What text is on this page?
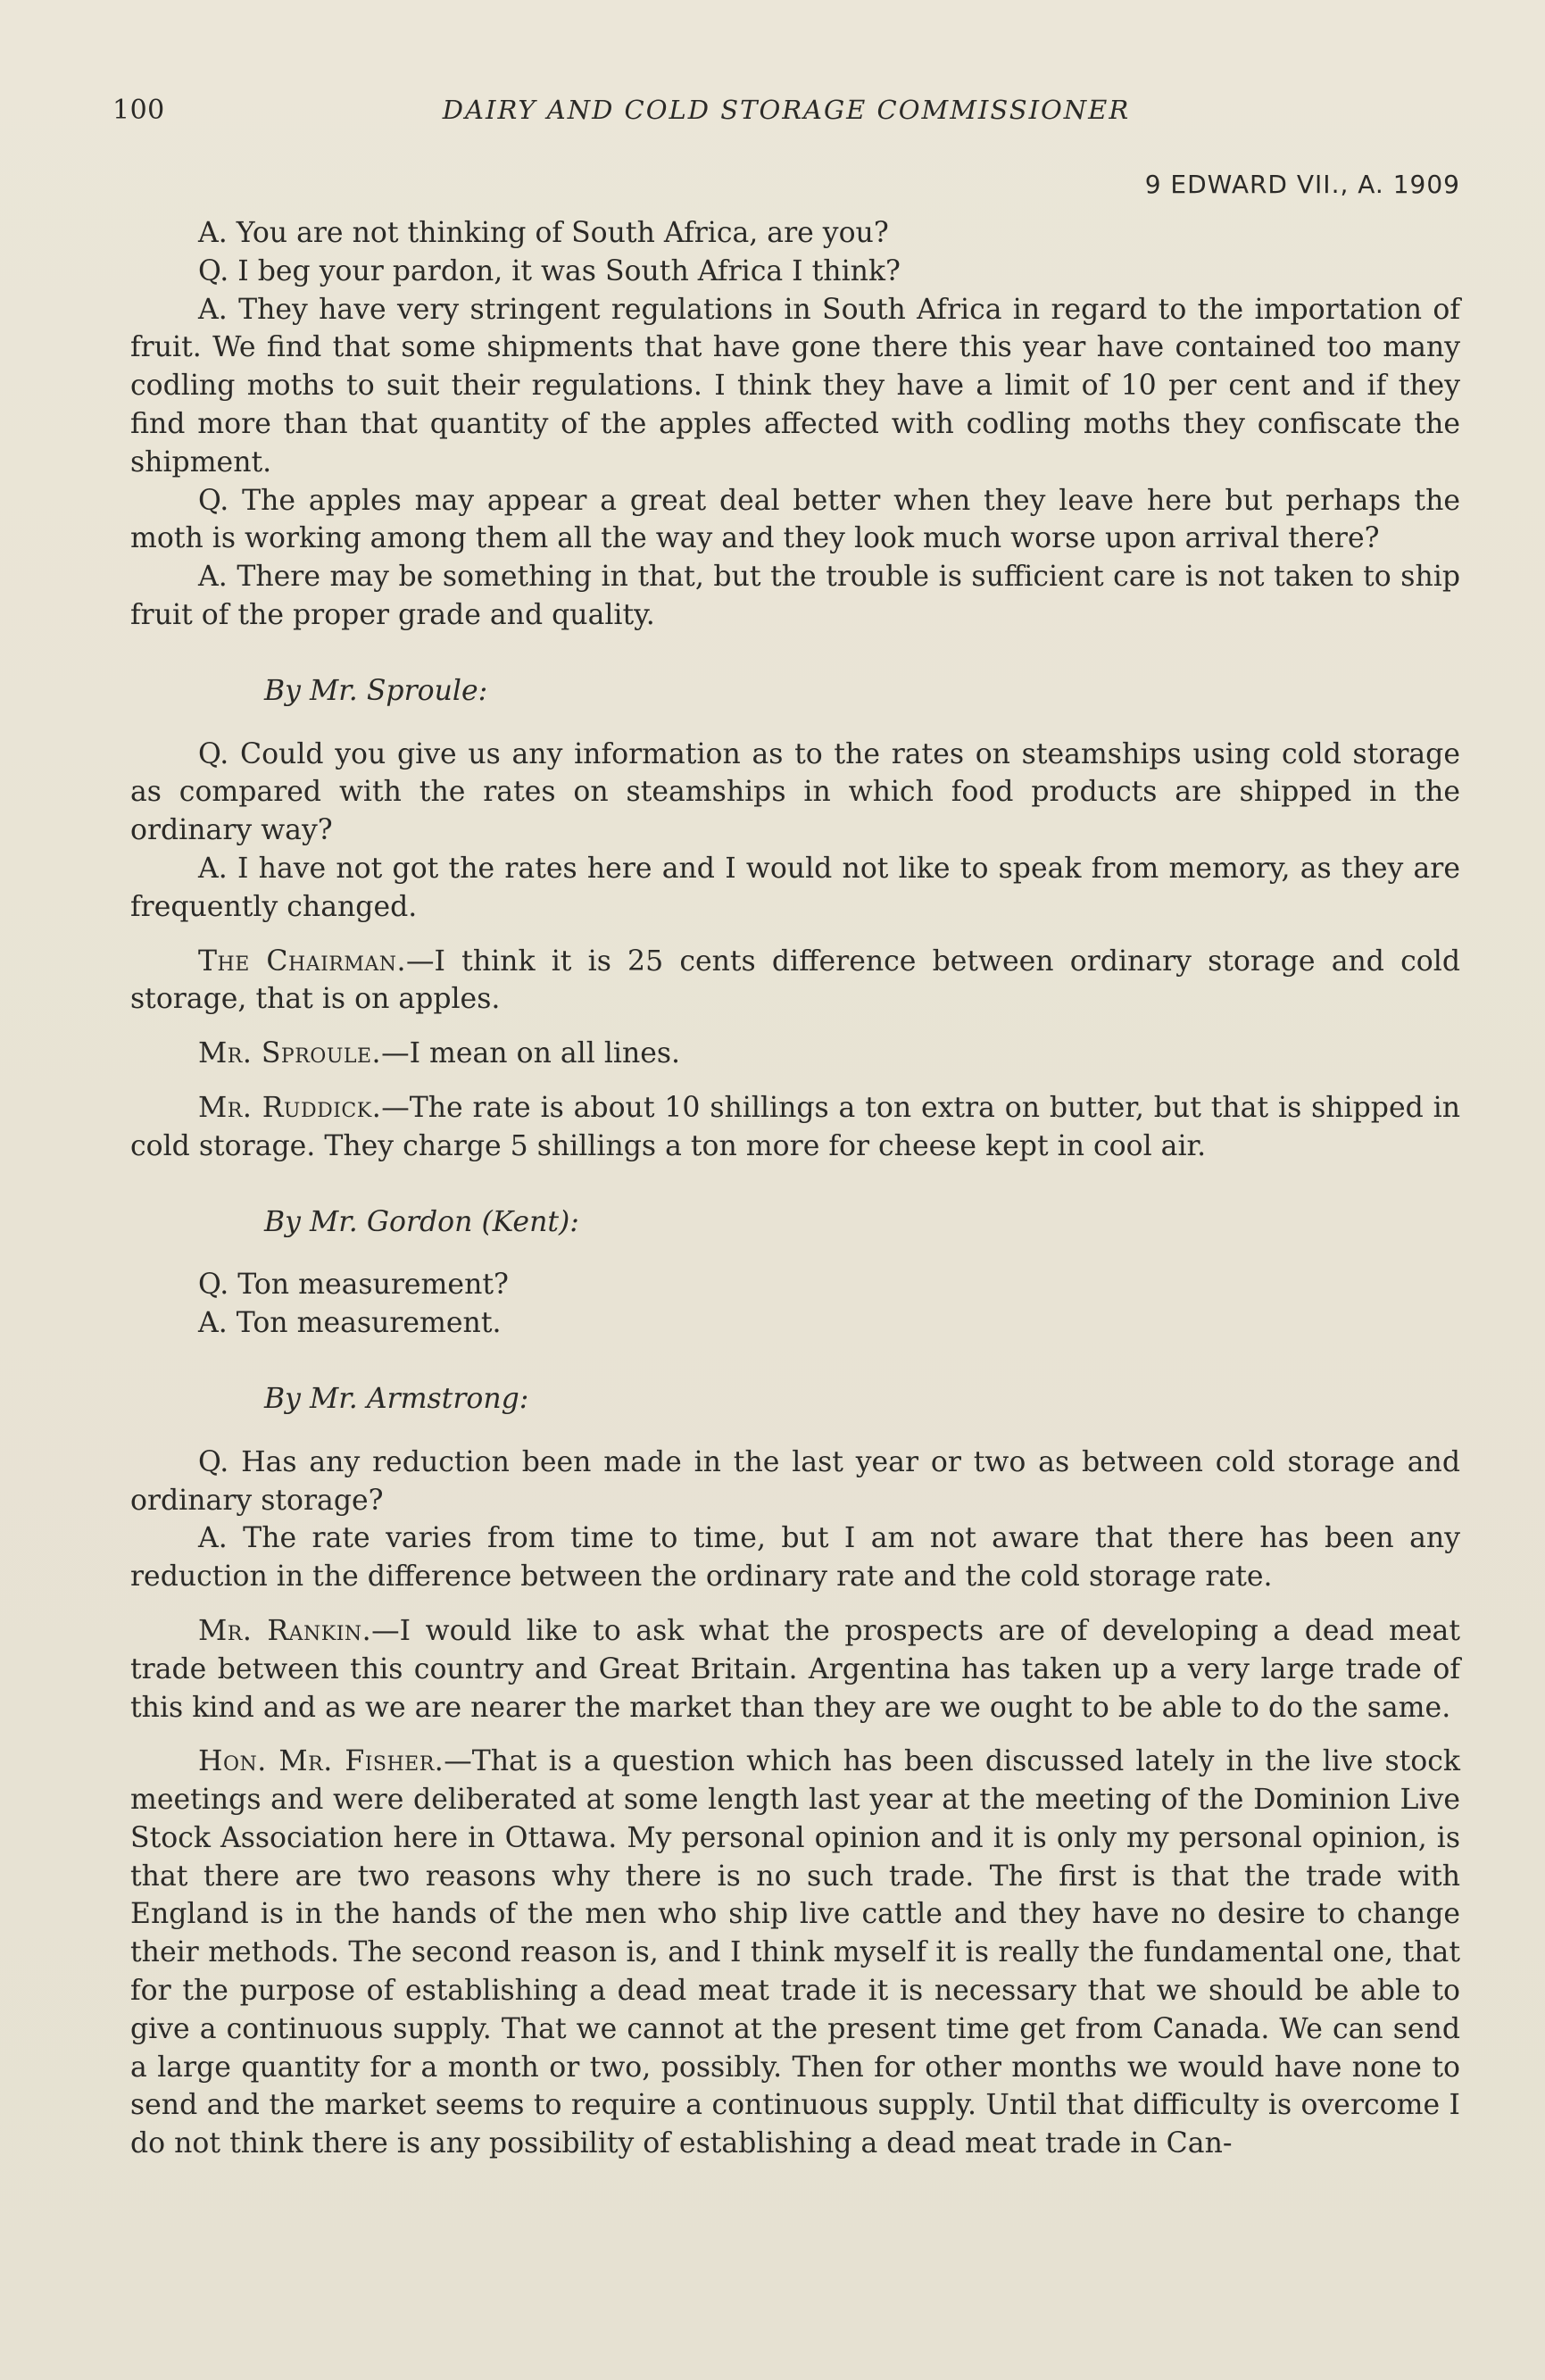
100	DAIRY AND COLD STORAGE COMMISSIONER
9 EDWARD VII., A. 1909

A. You are not thinking of South Africa, are you?

Q. I beg your pardon, it was South Africa I think?

A. They have very stringent regulations in South Africa in regard to the importation of fruit. We find that some shipments that have gone there this year have contained too many codling moths to suit their regulations. I think they have a limit of 10 per cent and if they find more than that quantity of the apples affected with codling moths they confiscate the shipment.

Q. The apples may appear a great deal better when they leave here but perhaps the moth is working among them all the way and they look much worse upon arrival there?

A. There may be something in that, but the trouble is sufficient care is not taken to ship fruit of the proper grade and quality.

By Mr. Sproule:

Q. Could you give us any information as to the rates on steamships using cold storage as compared with the rates on steamships in which food products are shipped in the ordinary way?

A. I have not got the rates here and I would not like to speak from memory, as they are frequently changed.

The Chairman.—I think it is 25 cents difference between ordinary storage and cold storage, that is on apples.

Mr. Sproule.—I mean on all lines.

Mr. Ruddick.—The rate is about 10 shillings a ton extra on butter, but that is shipped in cold storage. They charge 5 shillings a ton more for cheese kept in cool air.

By Mr. Gordon (Kent):

Q. Ton measurement?

A. Ton measurement.

By Mr. Armstrong:

Q. Has any reduction been made in the last year or two as between cold storage and ordinary storage?

A. The rate varies from time to time, but I am not aware that there has been any reduction in the difference between the ordinary rate and the cold storage rate.

Mr. Rankin.—I would like to ask what the prospects are of developing a dead meat trade between this country and Great Britain. Argentina has taken up a very large trade of this kind and as we are nearer the market than they are we ought to be able to do the same.

Hon. Mr. Fisher.—That is a question which has been discussed lately in the live stock meetings and were deliberated at some length last year at the meeting of the Dominion Live Stock Association here in Ottawa. My personal opinion and it is only my personal opinion, is that there are two reasons why there is no such trade. The first is that the trade with England is in the hands of the men who ship live cattle and they have no desire to change their methods. The second reason is, and I think myself it is really the fundamental one, that for the purpose of establishing a dead meat trade it is necessary that we should be able to give a continuous supply. That we cannot at the present time get from Canada. We can send a large quantity for a month or two, possibly. Then for other months we would have none to send and the market seems to require a continuous supply. Until that difficulty is overcome I do not think there is any possibility of establishing a dead meat trade in Can-
